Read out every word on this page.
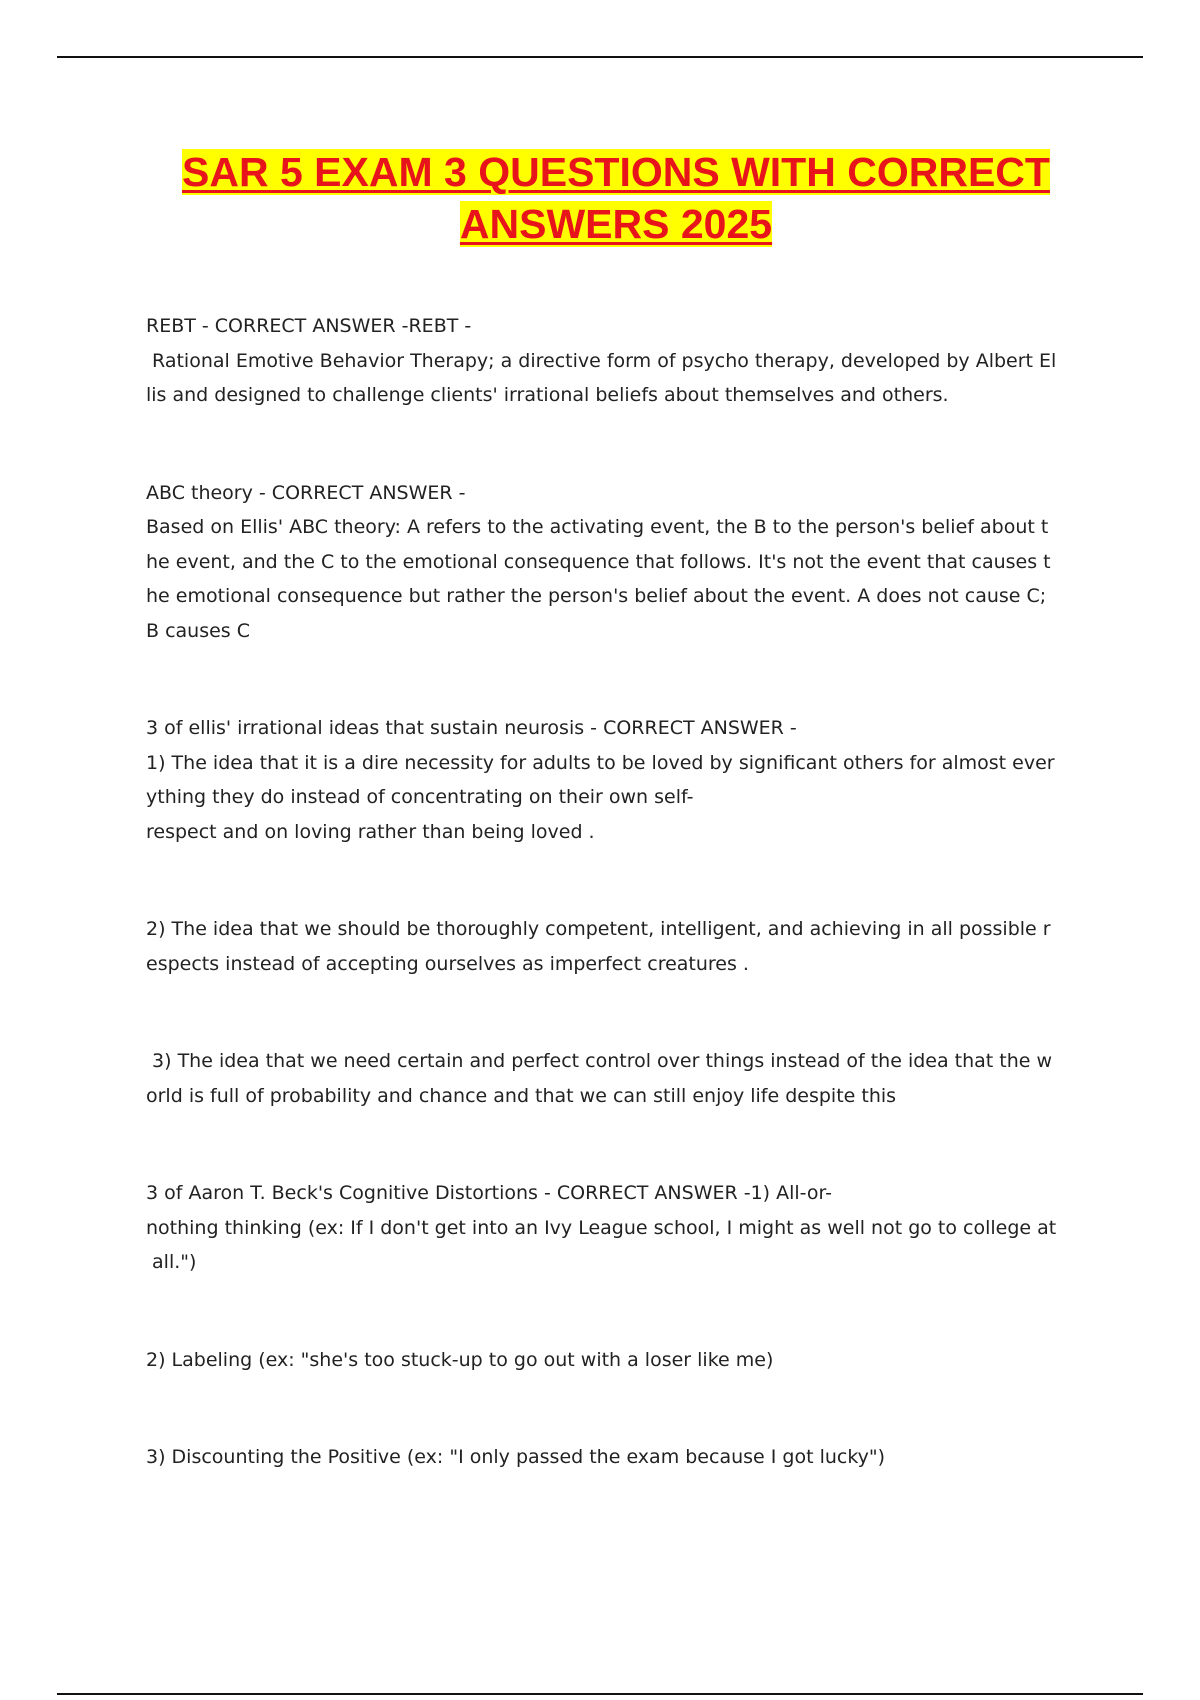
SAR 5 EXAM 3 QUESTIONS WITH CORRECT ANSWERS 2025
REBT - CORRECT ANSWER -REBT -
Rational Emotive Behavior Therapy; a directive form of psycho therapy, developed by Albert El
lis and designed to challenge clients' irrational beliefs about themselves and others.
ABC theory - CORRECT ANSWER -
Based on Ellis' ABC theory: A refers to the activating event, the B to the person's belief about t
he event, and the C to the emotional consequence that follows. It's not the event that causes t
he emotional consequence but rather the person's belief about the event. A does not cause C;
B causes C
3 of ellis' irrational ideas that sustain neurosis - CORRECT ANSWER -
1) The idea that it is a dire necessity for adults to be loved by significant others for almost ever
ything they do instead of concentrating on their own self-
respect and on loving rather than being loved .
2) The idea that we should be thoroughly competent, intelligent, and achieving in all possible r
espects instead of accepting ourselves as imperfect creatures .
3) The idea that we need certain and perfect control over things instead of the idea that the w
orld is full of probability and chance and that we can still enjoy life despite this
3 of Aaron T. Beck's Cognitive Distortions - CORRECT ANSWER -1) All-or-
nothing thinking (ex: If I don't get into an Ivy League school, I might as well not go to college at
all.")
2) Labeling (ex: "she's too stuck-up to go out with a loser like me)
3) Discounting the Positive (ex: "I only passed the exam because I got lucky")
